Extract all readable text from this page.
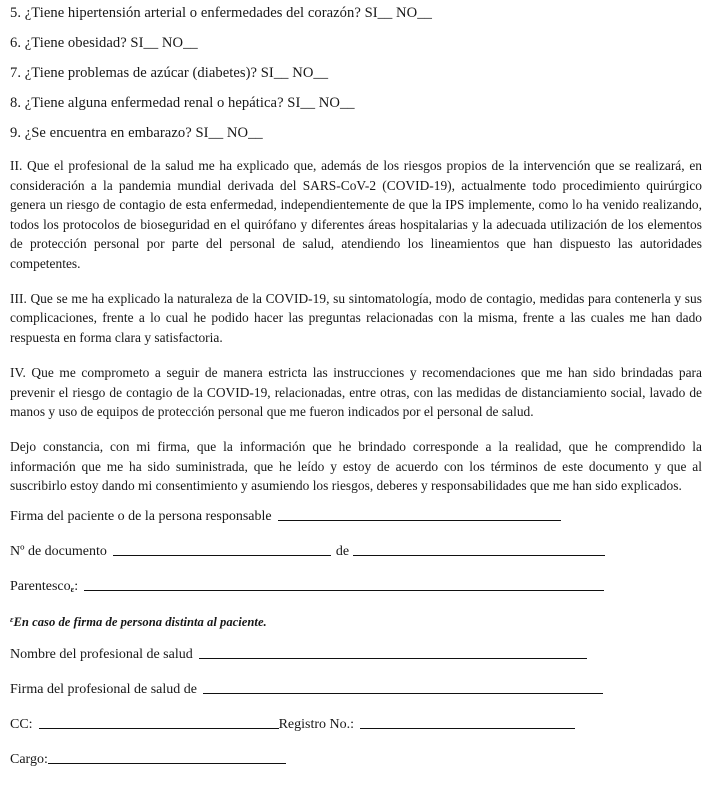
5. ¿Tiene hipertensión arterial o enfermedades del corazón? SI__ NO__

6. ¿Tiene obesidad? SI__ NO__

7. ¿Tiene problemas de azúcar (diabetes)? SI__ NO__

8. ¿Tiene alguna enfermedad renal o hepática? SI__ NO__

9. ¿Se encuentra en embarazo? SI__ NO__

II. Que el profesional de la salud me ha explicado que, además de los riesgos propios de la intervención que se realizará, en consideración a la pandemia mundial derivada del SARS-CoV-2 (COVID-19), actualmente todo procedimiento quirúrgico genera un riesgo de contagio de esta enfermedad, independientemente de que la IPS implemente, como lo ha venido realizando, todos los protocolos de bioseguridad en el quirófano y diferentes áreas hospitalarias y la adecuada utilización de los elementos de protección personal por parte del personal de salud, atendiendo los lineamientos que han dispuesto las autoridades competentes.

III. Que se me ha explicado la naturaleza de la COVID-19, su sintomatología, modo de contagio, medidas para contenerla y sus complicaciones, frente a lo cual he podido hacer las preguntas relacionadas con la misma, frente a las cuales me han dado respuesta en forma clara y satisfactoria.

IV. Que me comprometo a seguir de manera estricta las instrucciones y recomendaciones que me han sido brindadas para prevenir el riesgo de contagio de la COVID-19, relacionadas, entre otras, con las medidas de distanciamiento social, lavado de manos y uso de equipos de protección personal que me fueron indicados por el personal de salud.

Dejo constancia, con mi firma, que la información que he brindado corresponde a la realidad, que he comprendido la información que me ha sido suministrada, que he leído y estoy de acuerdo con los términos de este documento y que al suscribirlo estoy dando mi consentimiento y asumiendo los riesgos, deberes y responsabilidades que me han sido explicados.

Firma del paciente o de la persona responsable
Nº de documento	de
Parentesco ε :

$^\varepsilon$En caso de firma de persona distinta al paciente.

Nombre del profesional de salud
Firma del profesional de salud de
CC:	Registro No.:
Cargo:
